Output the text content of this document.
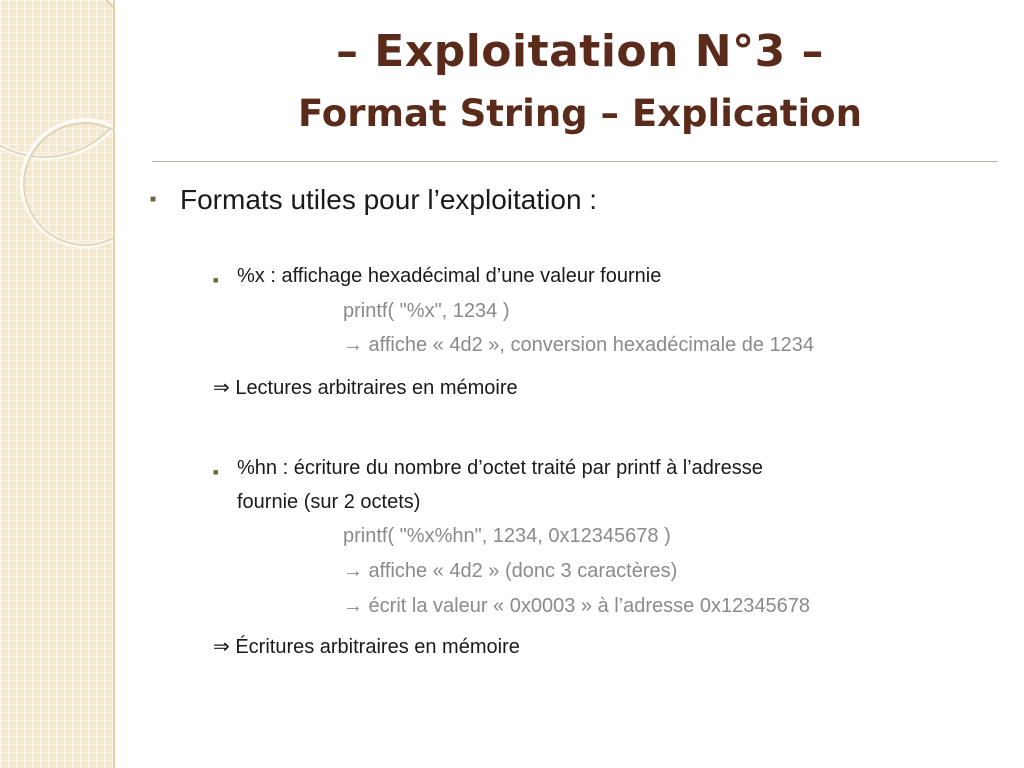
– Exploitation N°3 –
Format String – Explication
■ Formats utiles pour l’exploitation :
■ %x : affichage hexadécimal d’une valeur fournie
printf( "%x", 1234 )
→ affiche « 4d2 », conversion hexadécimale de 1234
⇒ Lectures arbitraires en mémoire
■ %hn : écriture du nombre d’octet traité par printf à l’adresse
fournie (sur 2 octets)
printf( "%x%hn", 1234, 0x12345678 )
→ affiche « 4d2 » (donc 3 caractères)
→ écrit la valeur « 0x0003 » à l’adresse 0x12345678
⇒ Écritures arbitraires en mémoire
